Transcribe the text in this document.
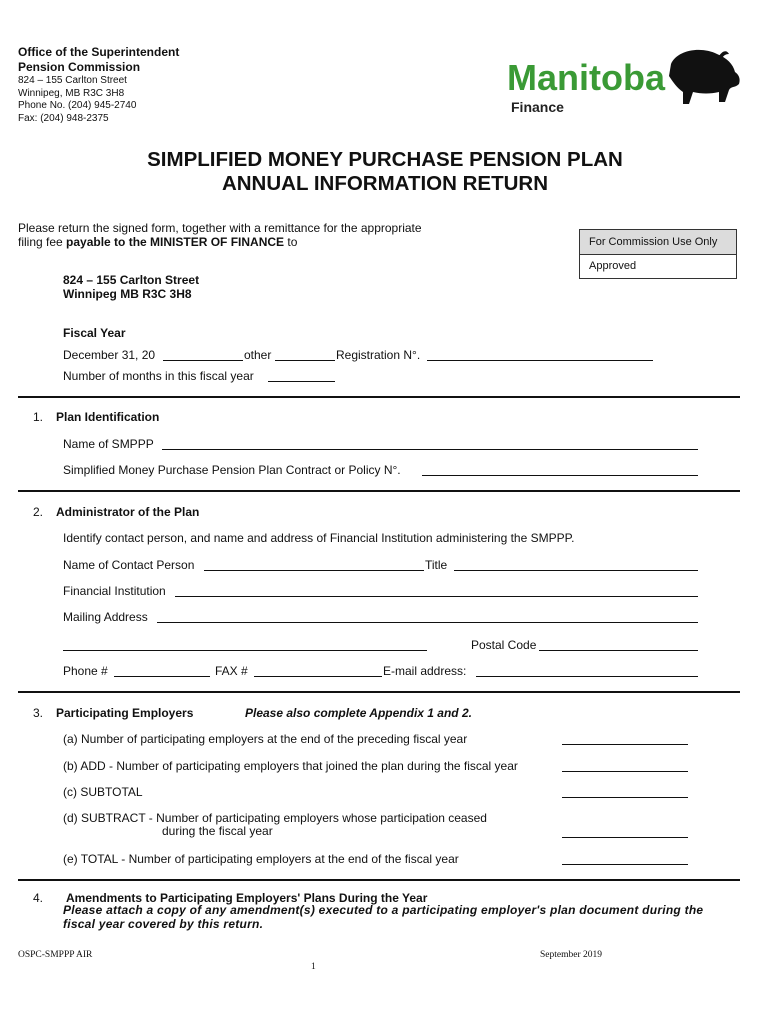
Office of the Superintendent
Pension Commission
824 – 155 Carlton Street
Winnipeg, MB R3C 3H8
Phone No. (204) 945-2740
Fax: (204) 948-2375
Manitoba
Finance
SIMPLIFIED MONEY PURCHASE PENSION PLAN
ANNUAL INFORMATION RETURN
Please return the signed form, together with a remittance for the appropriate
filing fee payable to the MINISTER OF FINANCE to	For Commission Use Only
Approved
824 – 155 Carlton Street
Winnipeg MB R3C 3H8
Fiscal Year
December 31, 20	other	Registration N°.
Number of months in this fiscal year
1. Plan Identification
Name of SMPPP
Simplified Money Purchase Pension Plan Contract or Policy N°.
2. Administrator of the Plan
Identify contact person, and name and address of Financial Institution administering the SMPPP.
Name of Contact Person	Title
Financial Institution
Mailing Address
Postal Code
Phone #	FAX #	E-mail address:
3. Participating Employers	Please also complete Appendix 1 and 2.
(a) Number of participating employers at the end of the preceding fiscal year
(b) ADD - Number of participating employers that joined the plan during the fiscal year
(c) SUBTOTAL
(d) SUBTRACT - Number of participating employers whose participation ceased
during the fiscal year
(e) TOTAL - Number of participating employers at the end of the fiscal year
4. Amendments to Participating Employers' Plans During the Year
Please attach a copy of any amendment(s) executed to a participating employer's plan document during the
fiscal year covered by this return.
OSPC-SMPPP AIR	September 2019
1
